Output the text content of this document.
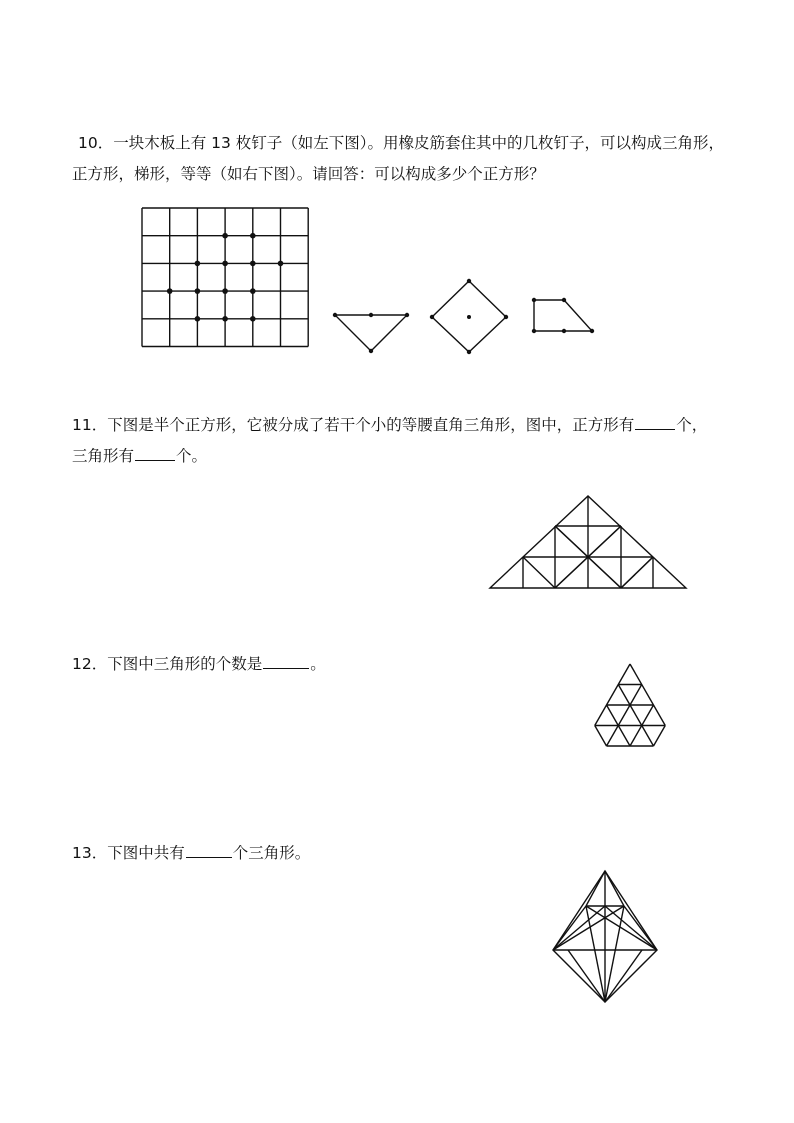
10．一块木板上有 13 枚钉子（如左下图）。用橡皮筋套住其中的几枚钉子，可以构成三角形，
正方形，梯形，等等（如右下图）。请回答：可以构成多少个正方形？
11．下图是半个正方形，它被分成了若干个小的等腰直角三角形，图中，正方形有	个，
三角形有	个。
12．下图中三角形的个数是	。
13．下图中共有	个三角形。
